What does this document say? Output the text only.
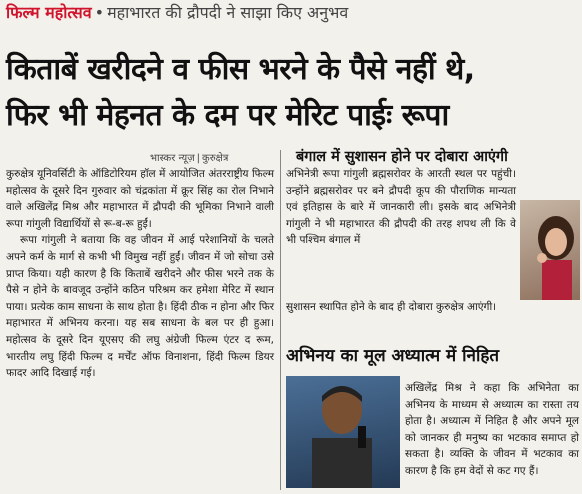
फिल्म महोत्सव • महाभारत की द्रौपदी ने साझा किए अनुभव
किताबें खरीदने व फीस भरने के पैसे नहीं थे,
फिर भी मेहनत के दम पर मेरिट पाईः रूपा
भास्कर न्यूज़ | कुरुक्षेत्र

कुरुक्षेत्र यूनिवर्सिटी के ऑडिटोरियम हॉल में आयोजित अंतरराष्ट्रीय फिल्म महोत्सव के दूसरे दिन गुरुवार को चंद्रकांता में क्रूर सिंह का रोल निभाने वाले अखिलेंद्र मिश्र और महाभारत में द्रौपदी की भूमिका निभाने वाली रूपा गांगुली विद्यार्थियों से रू-ब-रू हुईं।

रूपा गांगुली ने बताया कि वह जीवन में आई परेशानियों के चलते अपने कर्म के मार्ग से कभी भी विमुख नहीं हुईं। जीवन में जो सोचा उसे प्राप्त किया। यही कारण है कि किताबें खरीदने और फीस भरने तक के पैसे न होने के बावजूद उन्होंने कठिन परिश्रम कर हमेशा मेरिट में स्थान पाया। प्रत्येक काम साधना के साथ होता है। हिंदी ठीक न होना और फिर महाभारत में अभिनय करना। यह सब साधना के बल पर ही हुआ। महोत्सव के दूसरे दिन यूएसए की लघु अंग्रेजी फिल्म एंटर द रूम, भारतीय लघु हिंदी फिल्म द मर्चेंट ऑफ विनाशना, हिंदी फिल्म डियर फादर आदि दिखाई गई।

बंगाल में सुशासन होने पर दोबारा आएंगी
अभिनेत्री रूपा गांगुली ब्रह्मसरोवर के आरती स्थल पर पहुंची। उन्होंने ब्रह्मसरोवर पर बने द्रौपदी कूप की पौराणिक मान्यता एवं इतिहास के बारे में जानकारी ली। इसके बाद अभिनेत्री गांगुली ने भी महाभारत की द्रौपदी की तरह शपथ ली कि वे भी पश्चिम बंगाल में
सुशासन स्थापित होने के बाद ही दोबारा कुरुक्षेत्र आएंगी।
अभिनय का मूल अध्यात्म में निहित
अखिलेंद्र मिश्र ने कहा कि अभिनेता का अभिनय के माध्यम से अध्यात्म का रास्ता तय होता है। अध्यात्म में निहित है और अपने मूल को जानकर ही मनुष्य का भटकाव समाप्त हो सकता है। व्यक्ति के जीवन में भटकाव का कारण है कि हम वेदों से कट गए हैं।
